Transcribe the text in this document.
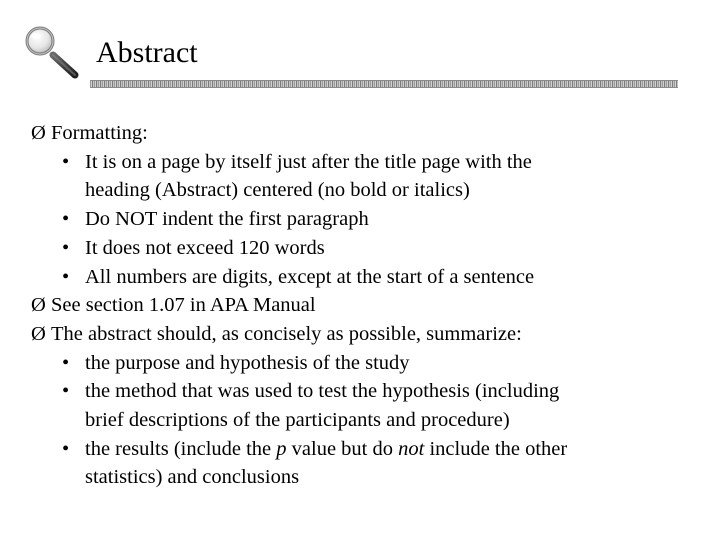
Abstract
Ø Formatting:
• It is on a page by itself just after the title page with the
heading (Abstract) centered (no bold or italics)
• Do NOT indent the first paragraph
• It does not exceed 120 words
• All numbers are digits, except at the start of a sentence
Ø See section 1.07 in APA Manual
Ø The abstract should, as concisely as possible, summarize:
• the purpose and hypothesis of the study
• the method that was used to test the hypothesis (including
brief descriptions of the participants and procedure)
• the results (include the p value but do not include the other
statistics) and conclusions
